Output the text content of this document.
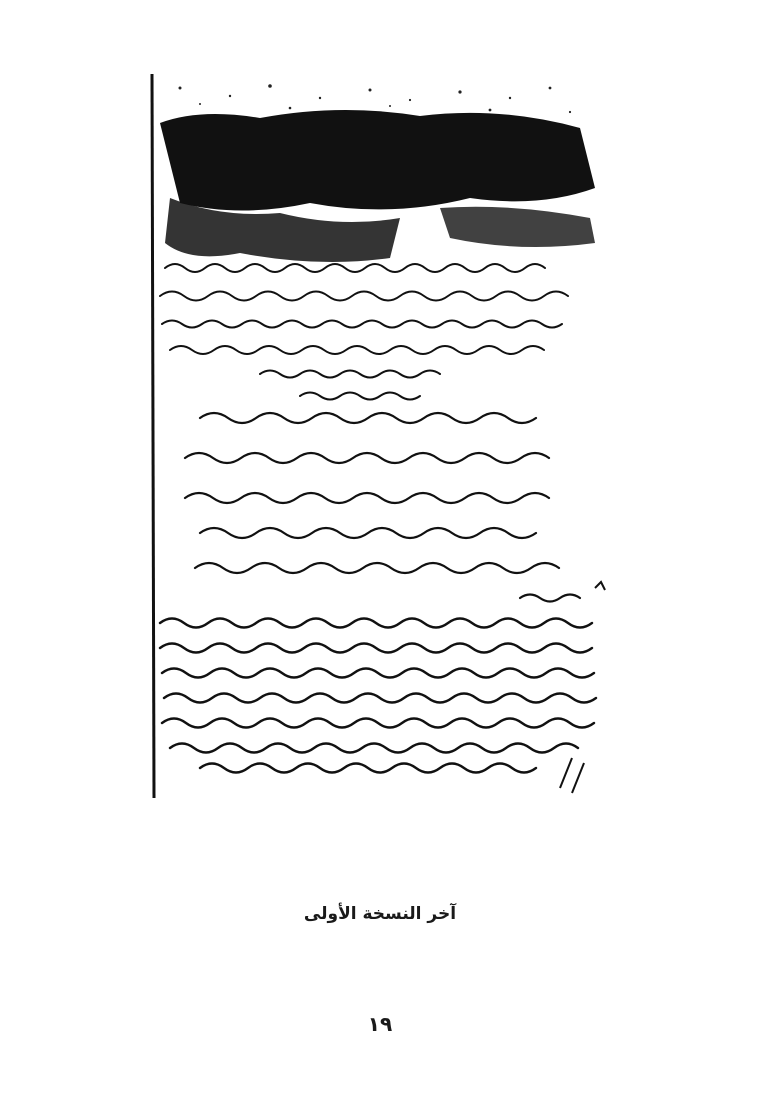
آخر النسخة الأولى
١٩
